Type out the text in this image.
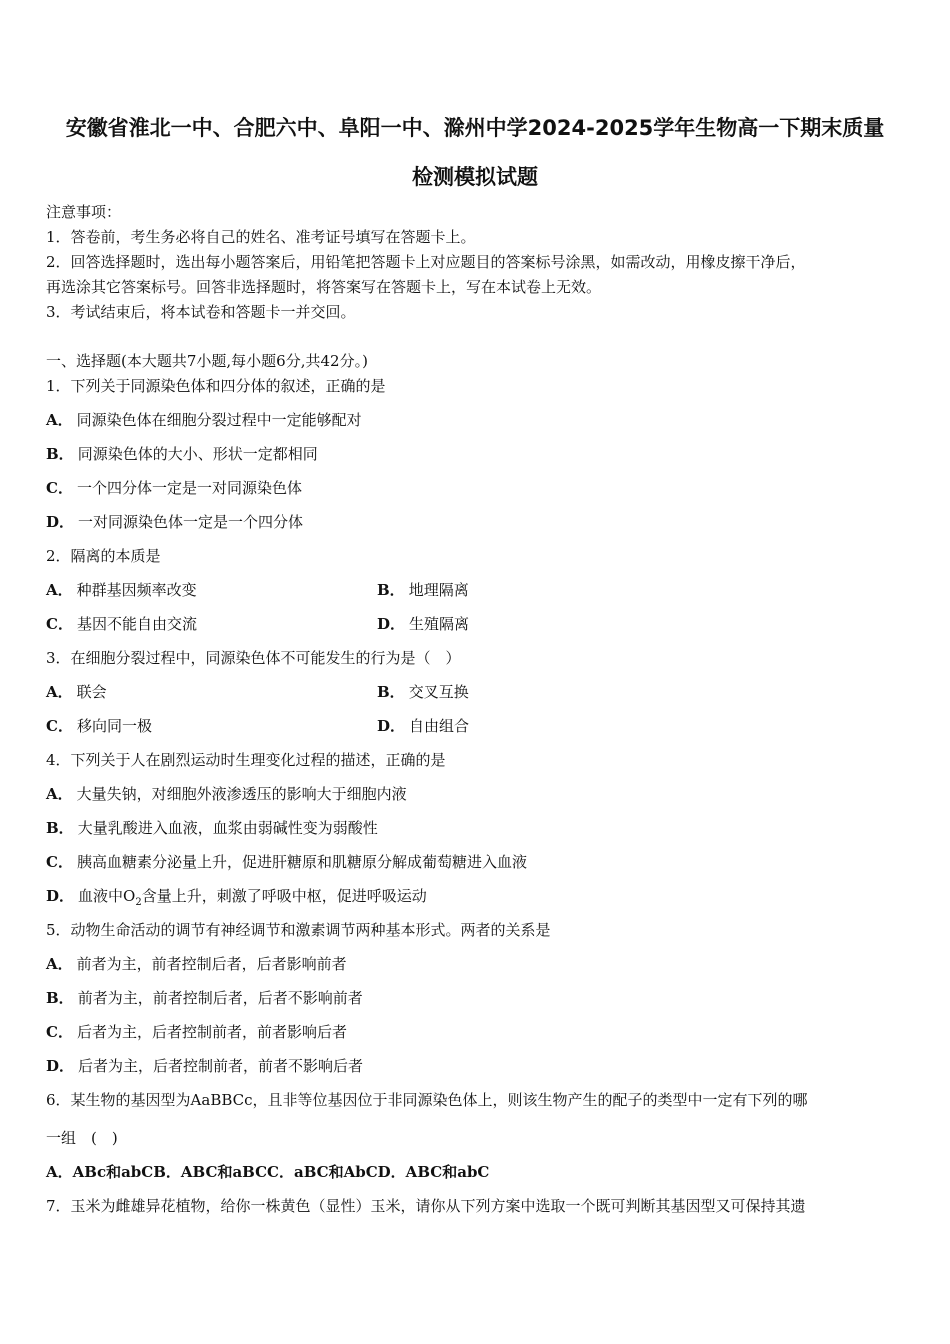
安徽省淮北一中、合肥六中、阜阳一中、滁州中学2024-2025学年生物高一下期末质量
检测模拟试题
注意事项：
1．答卷前，考生务必将自己的姓名、准考证号填写在答题卡上。
2．回答选择题时，选出每小题答案后，用铅笔把答题卡上对应题目的答案标号涂黑，如需改动，用橡皮擦干净后，
再选涂其它答案标号。回答非选择题时，将答案写在答题卡上，写在本试卷上无效。
3．考试结束后，将本试卷和答题卡一并交回。
一、选择题(本大题共7小题,每小题6分,共42分。)
1．下列关于同源染色体和四分体的叙述，正确的是
A． 同源染色体在细胞分裂过程中一定能够配对
B． 同源染色体的大小、形状一定都相同
C． 一个四分体一定是一对同源染色体
D． 一对同源染色体一定是一个四分体
2．隔离的本质是
A． 种群基因频率改变	B． 地理隔离
C． 基因不能自由交流	D． 生殖隔离
3．在细胞分裂过程中，同源染色体不可能发生的行为是（　）
A． 联会	B． 交叉互换
C． 移向同一极	D． 自由组合
4．下列关于人在剧烈运动时生理变化过程的描述，正确的是
A． 大量失钠，对细胞外液渗透压的影响大于细胞内液
B． 大量乳酸进入血液，血浆由弱碱性变为弱酸性
C． 胰高血糖素分泌量上升，促进肝糖原和肌糖原分解成葡萄糖进入血液
D． 血液中$O_2$含量上升，刺激了呼吸中枢，促进呼吸运动
5．动物生命活动的调节有神经调节和激素调节两种基本形式。两者的关系是
A． 前者为主，前者控制后者，后者影响前者
B． 前者为主，前者控制后者，后者不影响前者
C． 后者为主，后者控制前者，前者影响后者
D． 后者为主，后者控制前者，前者不影响后者
6．某生物的基因型为AaBBCc，且非等位基因位于非同源染色体上，则该生物产生的配子的类型中一定有下列的哪
一组　(　)
A．ABc和abCB．ABC和aBCC．aBC和AbCD．ABC和abC
7．玉米为雌雄异花植物，给你一株黄色（显性）玉米，请你从下列方案中选取一个既可判断其基因型又可保持其遗
